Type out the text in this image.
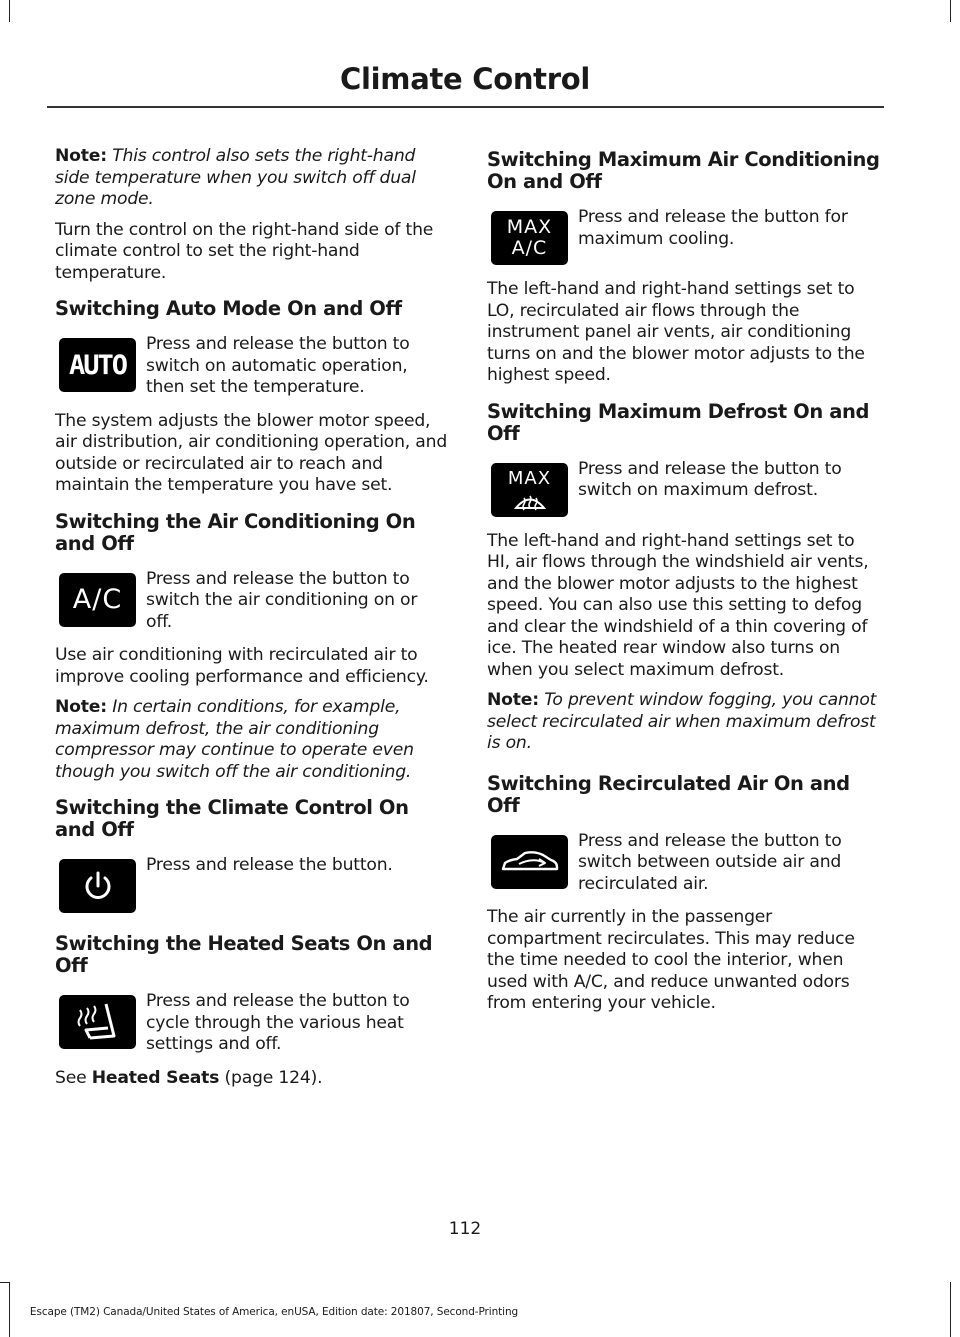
Climate Control

Note: This control also sets the right-hand side temperature when you switch off dual zone mode.

Turn the control on the right-hand side of the climate control to set the right-hand temperature.

Switching Auto Mode On and Off
AUTO

Press and release the button to switch on automatic operation, then set the temperature.

The system adjusts the blower motor speed, air distribution, air conditioning operation, and outside or recirculated air to reach and maintain the temperature you have set.

Switching the Air Conditioning On and Off
A/C

Press and release the button to switch the air conditioning on or off.

Use air conditioning with recirculated air to improve cooling performance and efficiency.

Note: In certain conditions, for example, maximum defrost, the air conditioning compressor may continue to operate even though you switch off the air conditioning.

Switching the Climate Control On and Off

Press and release the button.

Switching the Heated Seats On and Off

Press and release the button to cycle through the various heat settings and off.

See Heated Seats (page 124).

Switching Maximum Air Conditioning On and Off
MAX
A/C

Press and release the button for maximum cooling.

The left-hand and right-hand settings set to LO, recirculated air flows through the instrument panel air vents, air conditioning turns on and the blower motor adjusts to the highest speed.

Switching Maximum Defrost On and Off
MAX Press and release the button to switch on maximum defrost.

The left-hand and right-hand settings set to HI, air flows through the windshield air vents, and the blower motor adjusts to the highest speed. You can also use this setting to defog and clear the windshield of a thin covering of ice. The heated rear window also turns on when you select maximum defrost.

Note: To prevent window fogging, you cannot select recirculated air when maximum defrost is on.

Switching Recirculated Air On and Off

Press and release the button to switch between outside air and recirculated air.

The air currently in the passenger compartment recirculates. This may reduce the time needed to cool the interior, when used with A/C, and reduce unwanted odors from entering your vehicle.

112
Escape (TM2) Canada/United States of America, enUSA, Edition date: 201807, Second-Printing
